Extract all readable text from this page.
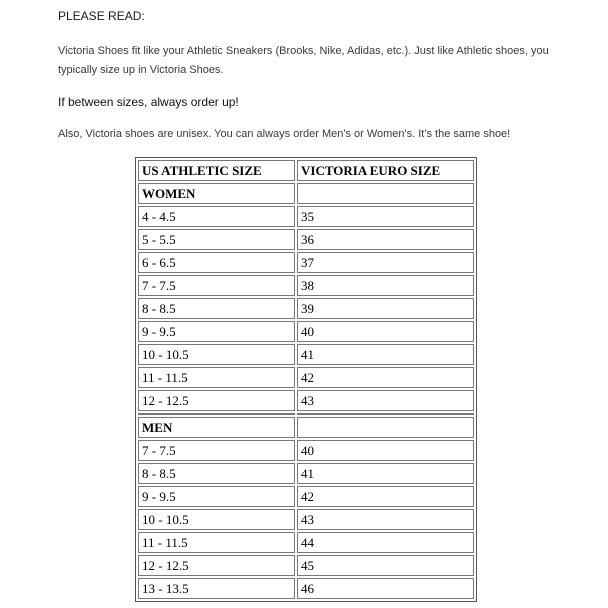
PLEASE READ:
Victoria Shoes fit like your Athletic Sneakers (Brooks, Nike, Adidas, etc.). Just like Athletic shoes, you typically size up in Victoria Shoes.
If between sizes, always order up!
Also, Victoria shoes are unisex. You can always order Men's or Women's. It's the same shoe!
US ATHLETIC SIZE	VICTORIA EURO SIZE
WOMEN	
4 - 4.5	35
5 - 5.5	36
6 - 6.5	37
7 - 7.5	38
8 - 8.5	39
9 - 9.5	40
10 - 10.5	41
11 - 11.5	42
12 - 12.5	43

MEN	
7 - 7.5	40
8 - 8.5	41
9 - 9.5	42
10 - 10.5	43
11 - 11.5	44
12 - 12.5	45
13 - 13.5	46
